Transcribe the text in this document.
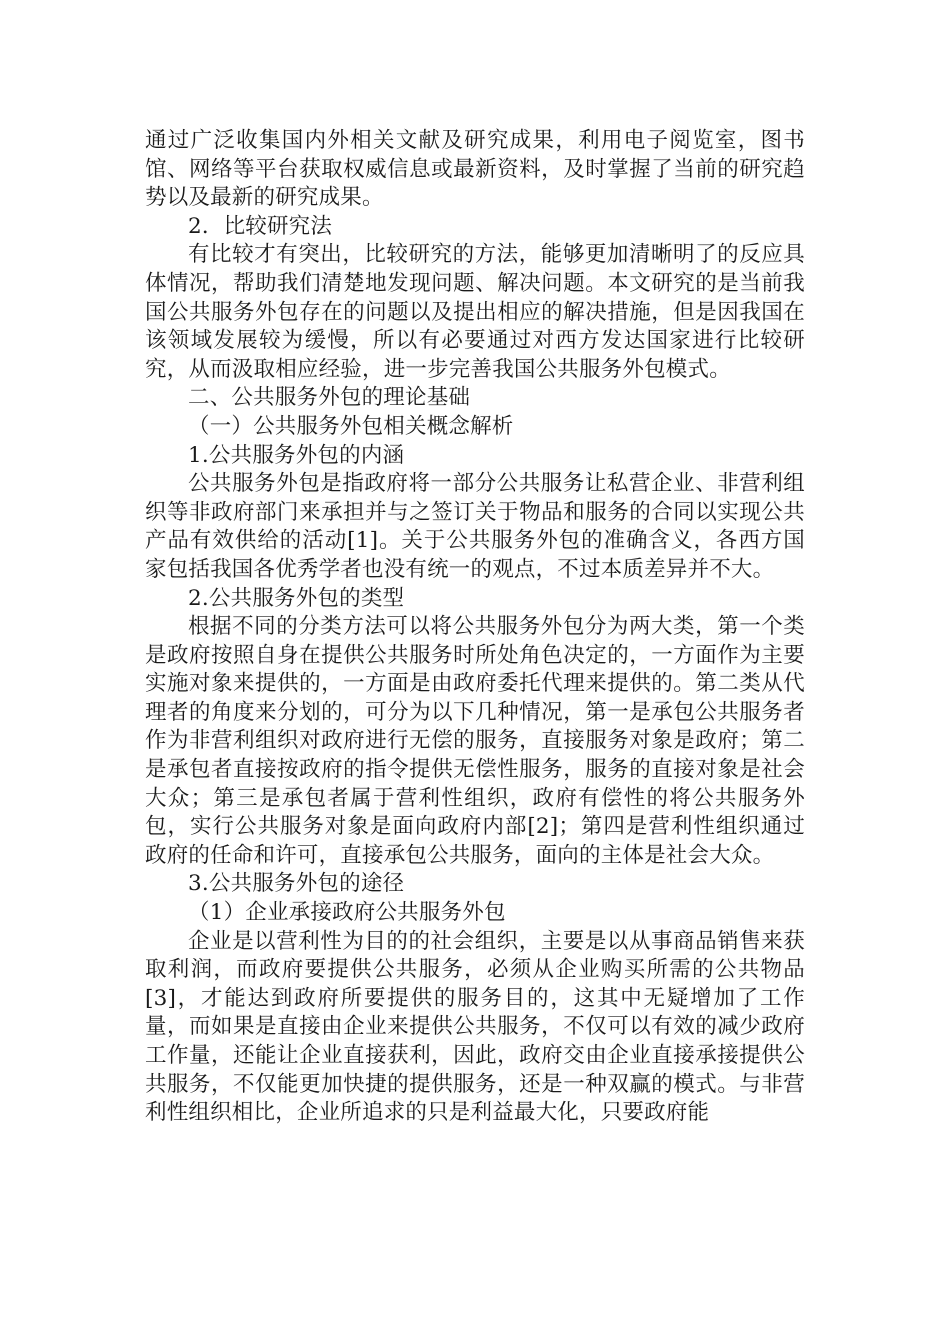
通过广泛收集国内外相关文献及研究成果，利用电子阅览室，图书馆、网络等平台获取权威信息或最新资料，及时掌握了当前的研究趋势以及最新的研究成果。

2．比较研究法

有比较才有突出，比较研究的方法，能够更加清晰明了的反应具体情况，帮助我们清楚地发现问题、解决问题。本文研究的是当前我国公共服务外包存在的问题以及提出相应的解决措施，但是因我国在该领域发展较为缓慢，所以有必要通过对西方发达国家进行比较研究，从而汲取相应经验，进一步完善我国公共服务外包模式。

二、公共服务外包的理论基础

（一）公共服务外包相关概念解析

1.公共服务外包的内涵

公共服务外包是指政府将一部分公共服务让私营企业、非营利组织等非政府部门来承担并与之签订关于物品和服务的合同以实现公共产品有效供给的活动[1]。关于公共服务外包的准确含义，各西方国家包括我国各优秀学者也没有统一的观点，不过本质差异并不大。

2.公共服务外包的类型

根据不同的分类方法可以将公共服务外包分为两大类，第一个类是政府按照自身在提供公共服务时所处角色决定的，一方面作为主要实施对象来提供的，一方面是由政府委托代理来提供的。第二类从代理者的角度来分划的，可分为以下几种情况，第一是承包公共服务者作为非营利组织对政府进行无偿的服务，直接服务对象是政府；第二是承包者直接按政府的指令提供无偿性服务，服务的直接对象是社会大众；第三是承包者属于营利性组织，政府有偿性的将公共服务外包，实行公共服务对象是面向政府内部[2]；第四是营利性组织通过政府的任命和许可，直接承包公共服务，面向的主体是社会大众。

3.公共服务外包的途径

（1）企业承接政府公共服务外包

企业是以营利性为目的的社会组织，主要是以从事商品销售来获取利润，而政府要提供公共服务，必须从企业购买所需的公共物品[3]，才能达到政府所要提供的服务目的，这其中无疑增加了工作量，而如果是直接由企业来提供公共服务，不仅可以有效的减少政府工作量，还能让企业直接获利，因此，政府交由企业直接承接提供公共服务，不仅能更加快捷的提供服务，还是一种双赢的模式。与非营利性组织相比，企业所追求的只是利益最大化，只要政府能
